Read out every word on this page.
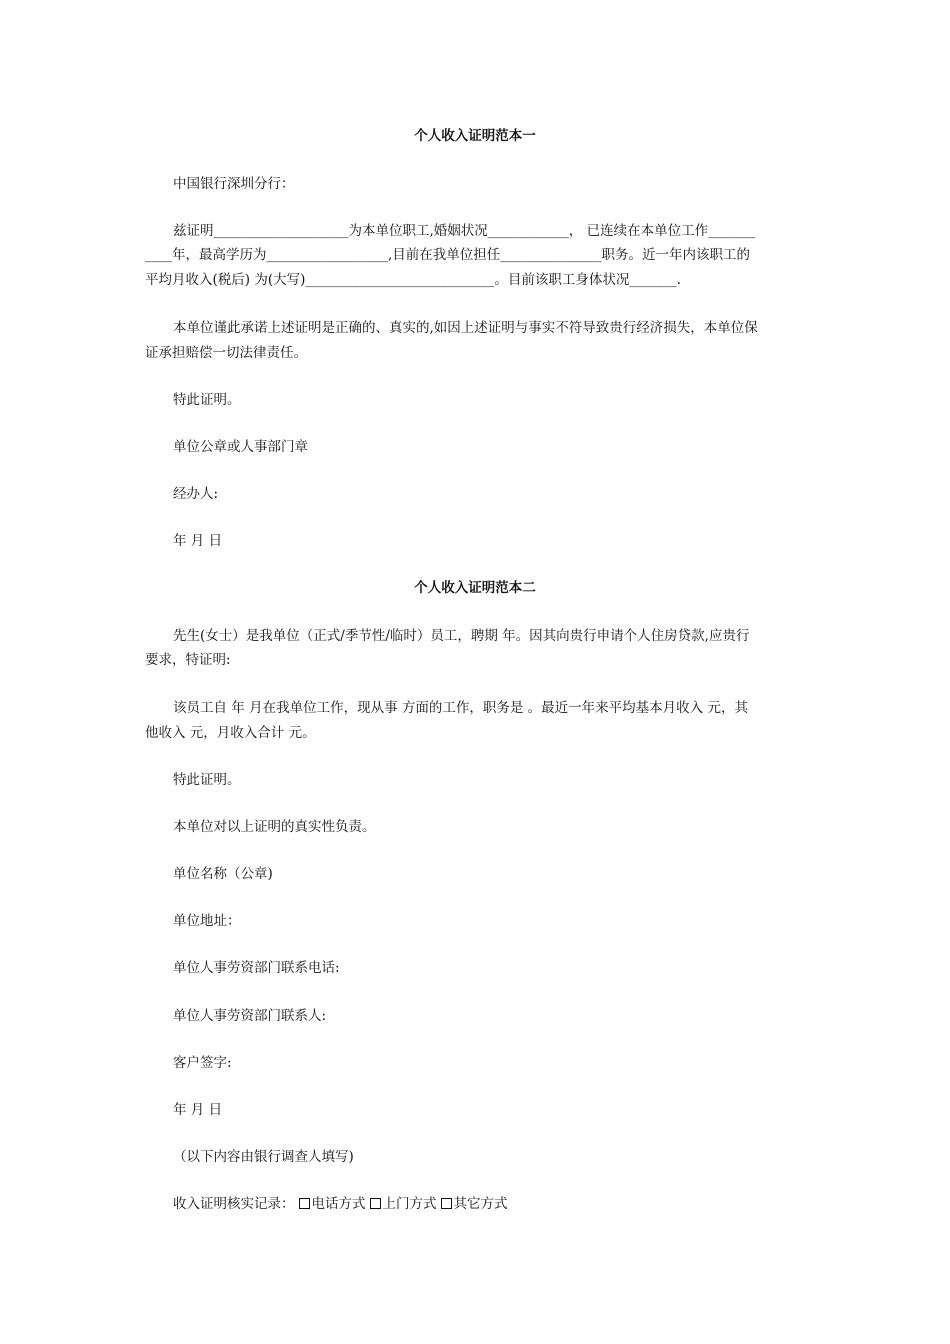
个人收入证明范本一
中国银行深圳分行：
兹证明____________________为本单位职工,婚姻状况____________， 已连续在本单位工作_______
____年，最高学历为__________________,目前在我单位担任_______________职务。近一年内该职工的
平均月收入(税后) 为(大写)____________________________。目前该职工身体状况_______.
本单位谨此承诺上述证明是正确的、真实的,如因上述证明与事实不符导致贵行经济损失，本单位保
证承担赔偿一切法律责任。
特此证明。
单位公章或人事部门章
经办人:
年 月 日
个人收入证明范本二
先生(女士）是我单位（正式/季节性/临时）员工，聘期 年。因其向贵行申请个人住房贷款,应贵行
要求，特证明:
该员工自 年 月在我单位工作，现从事 方面的工作，职务是 。最近一年来平均基本月收入 元，其
他收入 元，月收入合计 元。
特此证明。
本单位对以上证明的真实性负责。
单位名称（公章)
单位地址：
单位人事劳资部门联系电话:
单位人事劳资部门联系人:
客户签字:
年 月 日
（以下内容由银行调查人填写)
收入证明核实记录： 电话方式 上门方式 其它方式
